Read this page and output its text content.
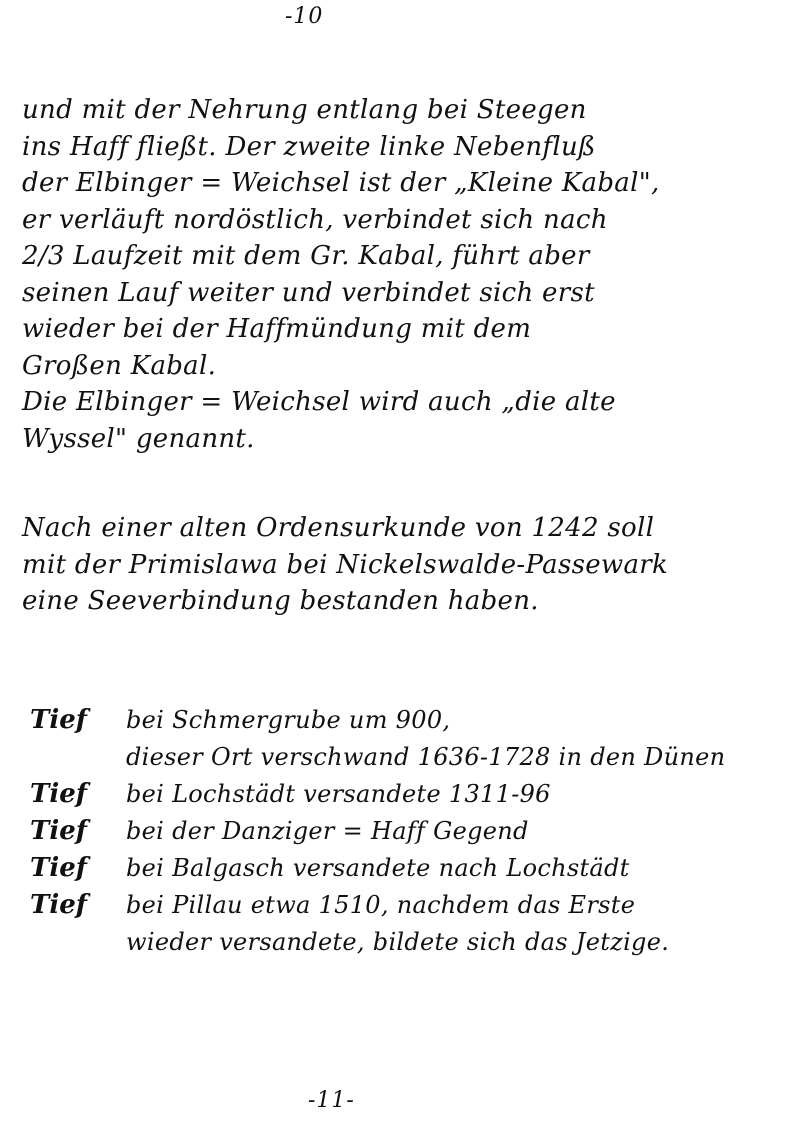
-10
und mit der Nehrung entlang bei Steegen
ins Haff fließt. Der zweite linke Nebenfluß
der Elbinger = Weichsel ist der „Kleine Kabal",
er verläuft nordöstlich, verbindet sich nach
2/3 Laufzeit mit dem Gr. Kabal, führt aber
seinen Lauf weiter und verbindet sich erst
wieder bei der Haffmündung mit dem
Großen Kabal.
Die Elbinger = Weichsel wird auch „die alte
Wyssel" genannt.
Nach einer alten Ordensurkunde von 1242 soll
mit der Primislawa bei Nickelswalde-Passewark
eine Seeverbindung bestanden haben.
Tief	bei Schmergrube um 900,
dieser Ort verschwand 1636-1728 in den Dünen
Tief	bei Lochstädt versandete 1311-96
Tief	bei der Danziger = Haff Gegend
Tief	bei Balgasch versandete nach Lochstädt
Tief	bei Pillau etwa 1510, nachdem das Erste
wieder versandete, bildete sich das Jetzige.
-11-
